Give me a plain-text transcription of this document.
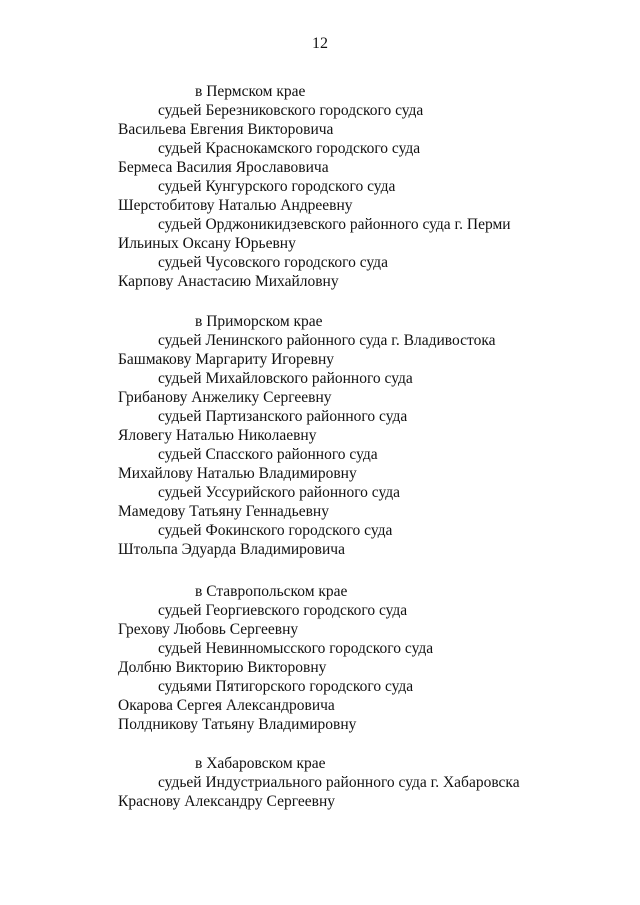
12
в Пермском крае
судьей Березниковского городского суда
Васильева Евгения Викторовича
судьей Краснокамского городского суда
Бермеса Василия Ярославовича
судьей Кунгурского городского суда
Шерстобитову Наталью Андреевну
судьей Орджоникидзевского районного суда г. Перми
Ильиных Оксану Юрьевну
судьей Чусовского городского суда
Карпову Анастасию Михайловну
в Приморском крае
судьей Ленинского районного суда г. Владивостока
Башмакову Маргариту Игоревну
судьей Михайловского районного суда
Грибанову Анжелику Сергеевну
судьей Партизанского районного суда
Яловегу Наталью Николаевну
судьей Спасского районного суда
Михайлову Наталью Владимировну
судьей Уссурийского районного суда
Мамедову Татьяну Геннадьевну
судьей Фокинского городского суда
Штольпа Эдуарда Владимировича
в Ставропольском крае
судьей Георгиевского городского суда
Грехову Любовь Сергеевну
судьей Невинномысского городского суда
Долбню Викторию Викторовну
судьями Пятигорского городского суда
Окарова Сергея Александровича
Полдникову Татьяну Владимировну
в Хабаровском крае
судьей Индустриального районного суда г. Хабаровска
Краснову Александру Сергеевну
